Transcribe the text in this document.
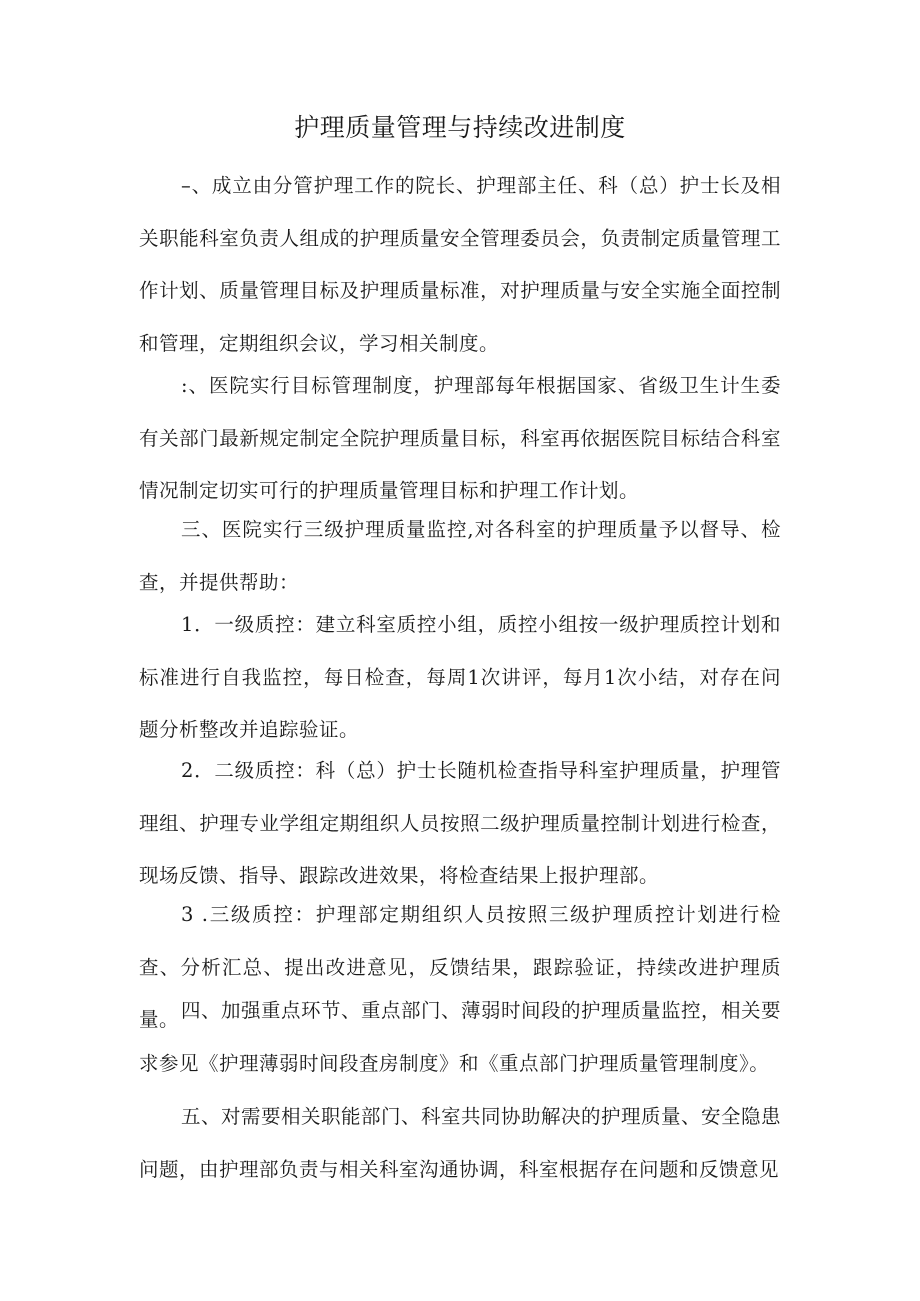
护理质量管理与持续改进制度

–、成立由分管护理工作的院长、护理部主任、科（总）护士长及相关职能科室负责人组成的护理质量安全管理委员会，负责制定质量管理工作计划、质量管理目标及护理质量标准，对护理质量与安全实施全面控制和管理，定期组织会议，学习相关制度。

:、医院实行目标管理制度，护理部每年根据国家、省级卫生计生委有关部门最新规定制定全院护理质量目标，科室再依据医院目标结合科室情况制定切实可行的护理质量管理目标和护理工作计划。

三、医院实行三级护理质量监控,对各科室的护理质量予以督导、检查，并提供帮助：

1．一级质控：建立科室质控小组，质控小组按一级护理质控计划和标准进行自我监控，每日检查，每周1次讲评，每月1次小结，对存在问题分析整改并追踪验证。

2．二级质控：科（总）护士长随机检查指导科室护理质量，护理管理组、护理专业学组定期组织人员按照二级护理质量控制计划进行检查，现场反馈、指导、跟踪改进效果，将检查结果上报护理部。

3 .三级质控：护理部定期组织人员按照三级护理质控计划进行检查、分析汇总、提出改进意见，反馈结果，跟踪验证，持续改进护理质量。 四、加强重点环节、重点部门、薄弱时间段的护理质量监控，相关要求参见《护理薄弱时间段査房制度》和《重点部门护理质量管理制度》。

五、对需要相关职能部门、科室共同协助解决的护理质量、安全隐患问题，由护理部负责与相关科室沟通协调，科室根据存在问题和反馈意见
